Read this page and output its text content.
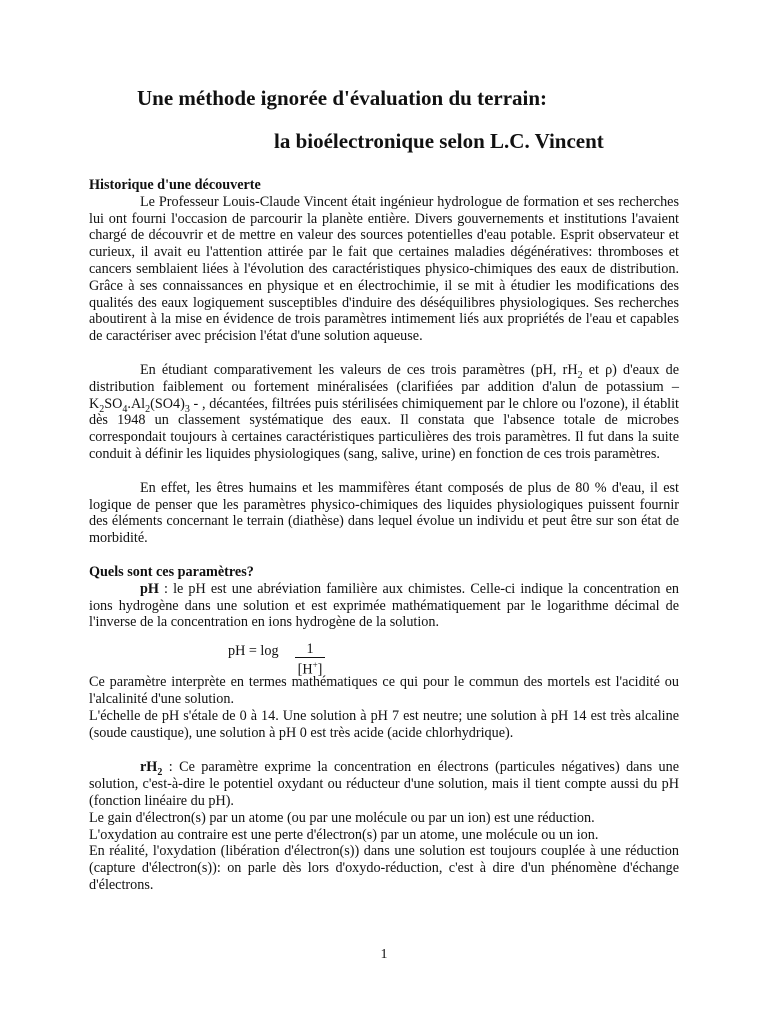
Une méthode ignorée d'évaluation du terrain:
la bioélectronique selon L.C. Vincent

Historique d'une découverte

Le Professeur Louis-Claude Vincent était ingénieur hydrologue de formation et ses recherches lui ont fourni l'occasion de parcourir la planète entière. Divers gouvernements et institutions l'avaient chargé de découvrir et de mettre en valeur des sources potentielles d'eau potable. Esprit observateur et curieux, il avait eu l'attention attirée par le fait que certaines maladies dégénératives: thromboses et cancers semblaient liées à l'évolution des caractéristiques physico-chimiques des eaux de distribution. Grâce à ses connaissances en physique et en électrochimie, il se mit à étudier les modifications des qualités des eaux logiquement susceptibles d'induire des déséquilibres physiologiques. Ses recherches aboutirent à la mise en évidence de trois paramètres intimement liés aux propriétés de l'eau et capables de caractériser avec précision l'état d'une solution aqueuse.

En étudiant comparativement les valeurs de ces trois paramètres (pH, $rH_2$ et ρ) d'eaux de distribution faiblement ou fortement minéralisées (clarifiées par addition d'alun de potassium – $K_2SO_4.Al_2(SO4)_3$ - , décantées, filtrées puis stérilisées chimiquement par le chlore ou l'ozone), il établit dès 1948 un classement systématique des eaux. Il constata que l'absence totale de microbes correspondait toujours à certaines caractéristiques particulières des trois paramètres. Il fut dans la suite conduit à définir les liquides physiologiques (sang, salive, urine) en fonction de ces trois paramètres.

En effet, les êtres humains et les mammifères étant composés de plus de 80 % d'eau, il est logique de penser que les paramètres physico-chimiques des liquides physiologiques puissent fournir des éléments concernant le terrain (diathèse) dans lequel évolue un individu et peut être sur son état de morbidité.

Quels sont ces paramètres?

pH : le pH est une abréviation familière aux chimistes. Celle-ci indique la concentration en ions hydrogène dans une solution et est exprimée mathématiquement par le logarithme décimal de l'inverse de la concentration en ions hydrogène de la solution.

pH = log	1
[H+]

Ce paramètre interprète en termes mathématiques ce qui pour le commun des mortels est l'acidité ou l'alcalinité d'une solution.

L'échelle de pH s'étale de 0 à 14. Une solution à pH 7 est neutre; une solution à pH 14 est très alcaline (soude caustique), une solution à pH 0 est très acide (acide chlorhydrique).

$rH_2$ : Ce paramètre exprime la concentration en électrons (particules négatives) dans une solution, c'est-à-dire le potentiel oxydant ou réducteur d'une solution, mais il tient compte aussi du pH (fonction linéaire du pH).

Le gain d'électron(s) par un atome (ou par une molécule ou par un ion) est une réduction.

L'oxydation au contraire est une perte d'électron(s) par un atome, une molécule ou un ion.

En réalité, l'oxydation (libération d'électron(s)) dans une solution est toujours couplée à une réduction (capture d'électron(s)): on parle dès lors d'oxydo-réduction, c'est à dire d'un phénomène d'échange d'électrons.

1
